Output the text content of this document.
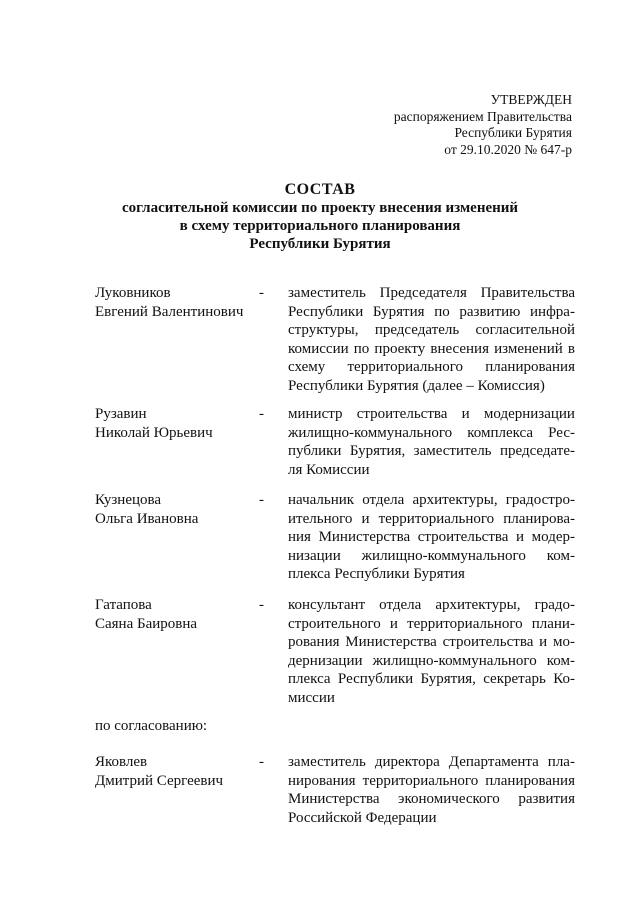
УТВЕРЖДЕН
распоряжением Правительства
Республики Бурятия
от 29.10.2020 № 647-р
СОСТАВ
согласительной комиссии по проекту внесения изменений
в схему территориального планирования
Республики Бурятия
Луковников
Евгений Валентинович
- заместитель Председателя Правительства
Республики Бурятия по развитию инфра-
структуры, председатель согласительной
комиссии по проекту внесения изменений в
схему территориального планирования
Республики Бурятия (далее – Комиссия)
Рузавин
Николай Юрьевич
- министр строительства и модернизации
жилищно-коммунального комплекса Рес-
публики Бурятия, заместитель председате-
ля Комиссии
Кузнецова
Ольга Ивановна
- начальник отдела архитектуры, градостро-
ительного и территориального планирова-
ния Министерства строительства и модер-
низации жилищно-коммунального ком-
плекса Республики Бурятия
Гатапова
Саяна Баировна
- консультант отдела архитектуры, градо-
строительного и территориального плани-
рования Министерства строительства и мо-
дернизации жилищно-коммунального ком-
плекса Республики Бурятия, секретарь Ко-
миссии
по согласованию:
Яковлев
Дмитрий Сергеевич
- заместитель директора Департамента пла-
нирования территориального планирования
Министерства экономического развития
Российской Федерации
